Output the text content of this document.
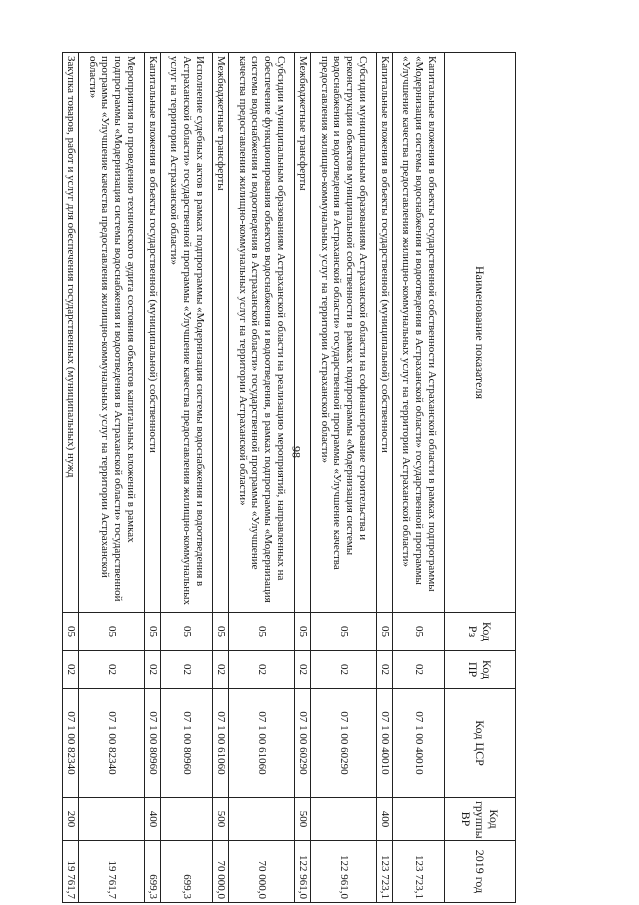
98
Наименование показателя	Код Рз	Код ПР	Код ЦСР	Код группы ВР	2019 год
Капитальные вложения в объекты государственной собственности Астраханской области в рамках подпрограммы «Модернизация системы водоснабжения и водоотведения в Астраханской области» государственной программы «Улучшение качества предоставления жилищно-коммунальных услуг на территории Астраханской области»	05	02	07 1 00 40010		123 723,1
Капитальные вложения в объекты государственной (муниципальной) собственности	05	02	07 1 00 40010	400	123 723,1
Субсидии муниципальным образованиям Астраханской области на софинансирование строительства и реконструкции объектов муниципальной собственности в рамках подпрограммы «Модернизация системы водоснабжения и водоотведения в Астраханской области» государственной программы «Улучшение качества предоставления жилищно-коммунальных услуг на территории Астраханской области»	05	02	07 1 00 60290		122 961,0
Межбюджетные трансферты	05	02	07 1 00 60290	500	122 961,0
Субсидии муниципальным образованиям Астраханской области на реализацию мероприятий, направленных на обеспечение функционирования объектов водоснабжения и водоотведения, в рамках подпрограммы «Модернизация системы водоснабжения и водоотведения в Астраханской области» государственной программы «Улучшение качества предоставления жилищно-коммунальных услуг на территории Астраханской области»	05	02	07 1 00 61060		70 000,0
Межбюджетные трансферты	05	02	07 1 00 61060	500	70 000,0
Исполнение судебных актов в рамках подпрограммы «Модернизация системы водоснабжения и водоотведения в Астраханской области» государственной программы «Улучшение качества предоставления жилищно-коммунальных услуг на территории Астраханской области»	05	02	07 1 00 80960		699,3
Капитальные вложения в объекты государственной (муниципальной) собственности	05	02	07 1 00 80960	400	699,3
Мероприятия по проведению технического аудита состояния объектов капитальных вложений в рамках подпрограммы «Модернизация системы водоснабжения и водоотведения в Астраханской области» государственной программы «Улучшение качества предоставления жилищно-коммунальных услуг на территории Астраханской области»	05	02	07 1 00 82340		19 761,7
Закупка товаров, работ и услуг для обеспечения государственных (муниципальных) нужд	05	02	07 1 00 82340	200	19 761,7
